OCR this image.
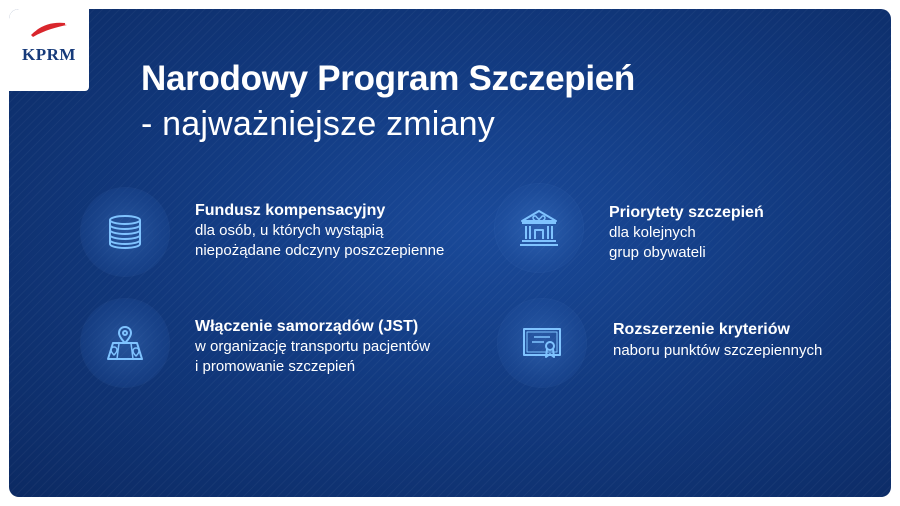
KPRM
Narodowy Program Szczepień
- najważniejsze zmiany
Fundusz kompensacyjny
dla osób, u których wystąpią
niepożądane odczyny poszczepienne
Priorytety szczepień
dla kolejnych
grup obywateli
Włączenie samorządów (JST)
w organizację transportu pacjentów
i promowanie szczepień
Rozszerzenie kryteriów
naboru punktów szczepiennych
